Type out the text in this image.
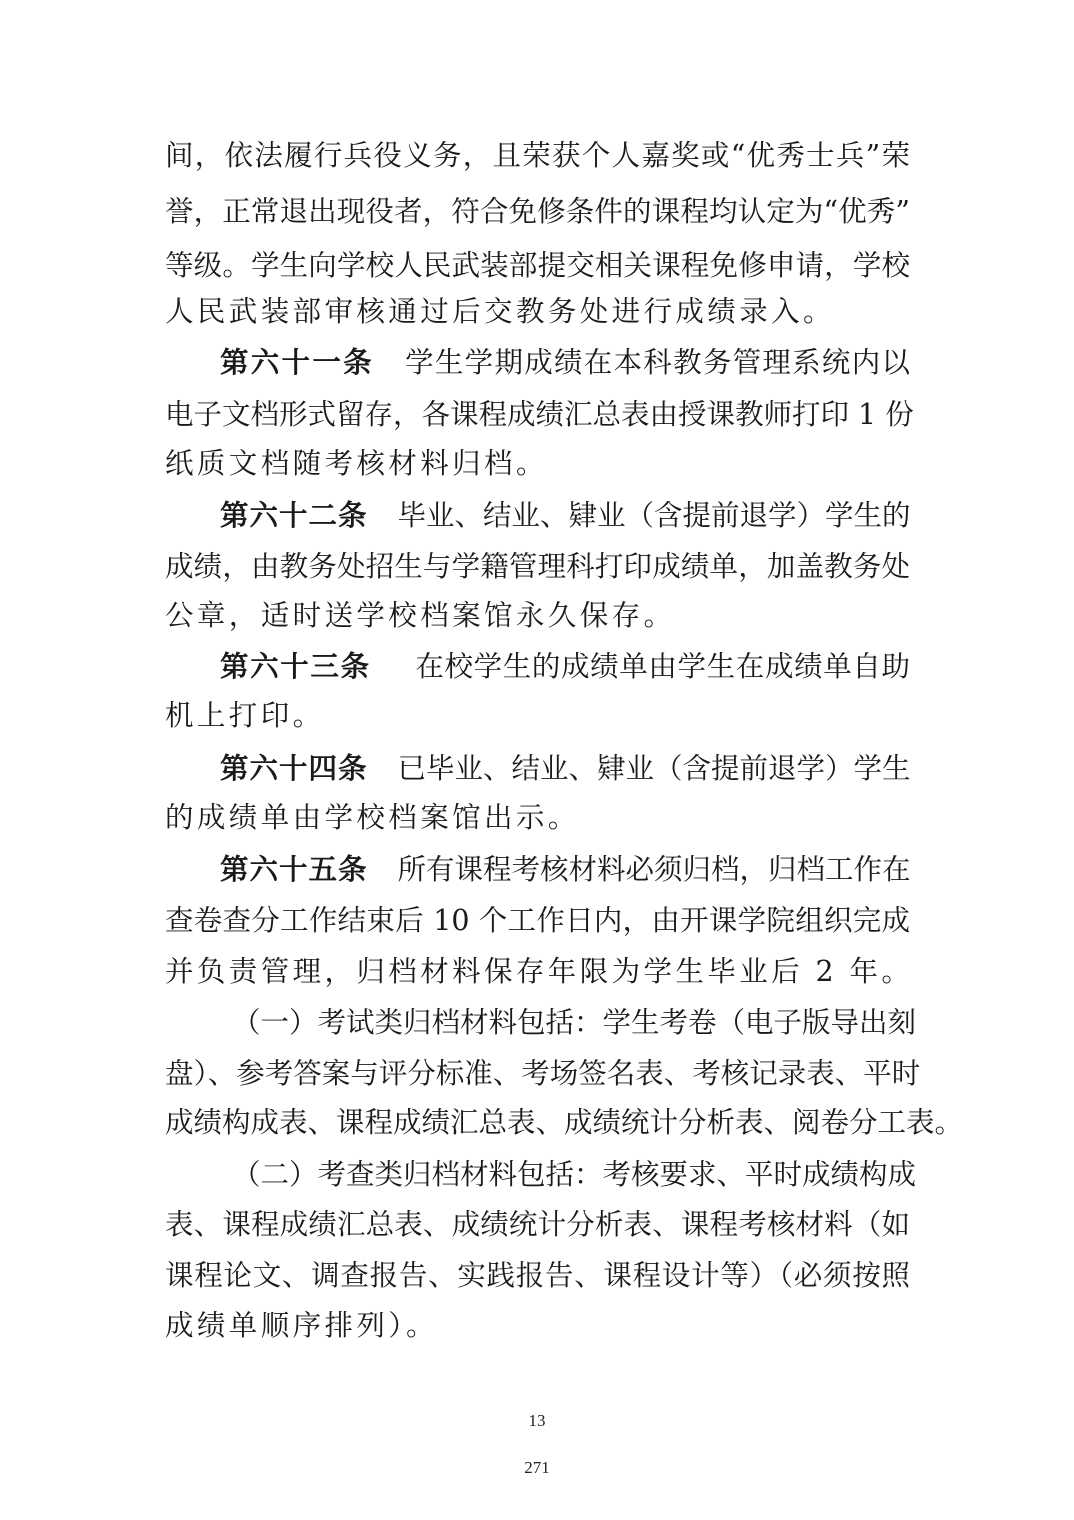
间，依法履行兵役义务，且荣获个人嘉奖或“优秀士兵”荣
誉，正常退出现役者，符合免修条件的课程均认定为“优秀”
等级。学生向学校人民武装部提交相关课程免修申请，学校
人民武装部审核通过后交教务处进行成绩录入。
第六十一条 学生学期成绩在本科教务管理系统内以
电子文档形式留存，各课程成绩汇总表由授课教师打印 1 份
纸质文档随考核材料归档。
第六十二条 毕业、结业、肄业（含提前退学）学生的
成绩，由教务处招生与学籍管理科打印成绩单，加盖教务处
公章，适时送学校档案馆永久保存。
第六十三条 在校学生的成绩单由学生在成绩单自助
机上打印。
第六十四条 已毕业、结业、肄业（含提前退学）学生
的成绩单由学校档案馆出示。
第六十五条 所有课程考核材料必须归档，归档工作在
查卷查分工作结束后 10 个工作日内，由开课学院组织完成
并负责管理，归档材料保存年限为学生毕业后 2 年。
（一）考试类归档材料包括：学生考卷（电子版导出刻
盘）、参考答案与评分标准、考场签名表、考核记录表、平时
成绩构成表、课程成绩汇总表、成绩统计分析表、阅卷分工表。
（二）考查类归档材料包括：考核要求、平时成绩构成
表、课程成绩汇总表、成绩统计分析表、课程考核材料（如
课程论文、调查报告、实践报告、课程设计等）（必须按照
成绩单顺序排列）。
13
271
